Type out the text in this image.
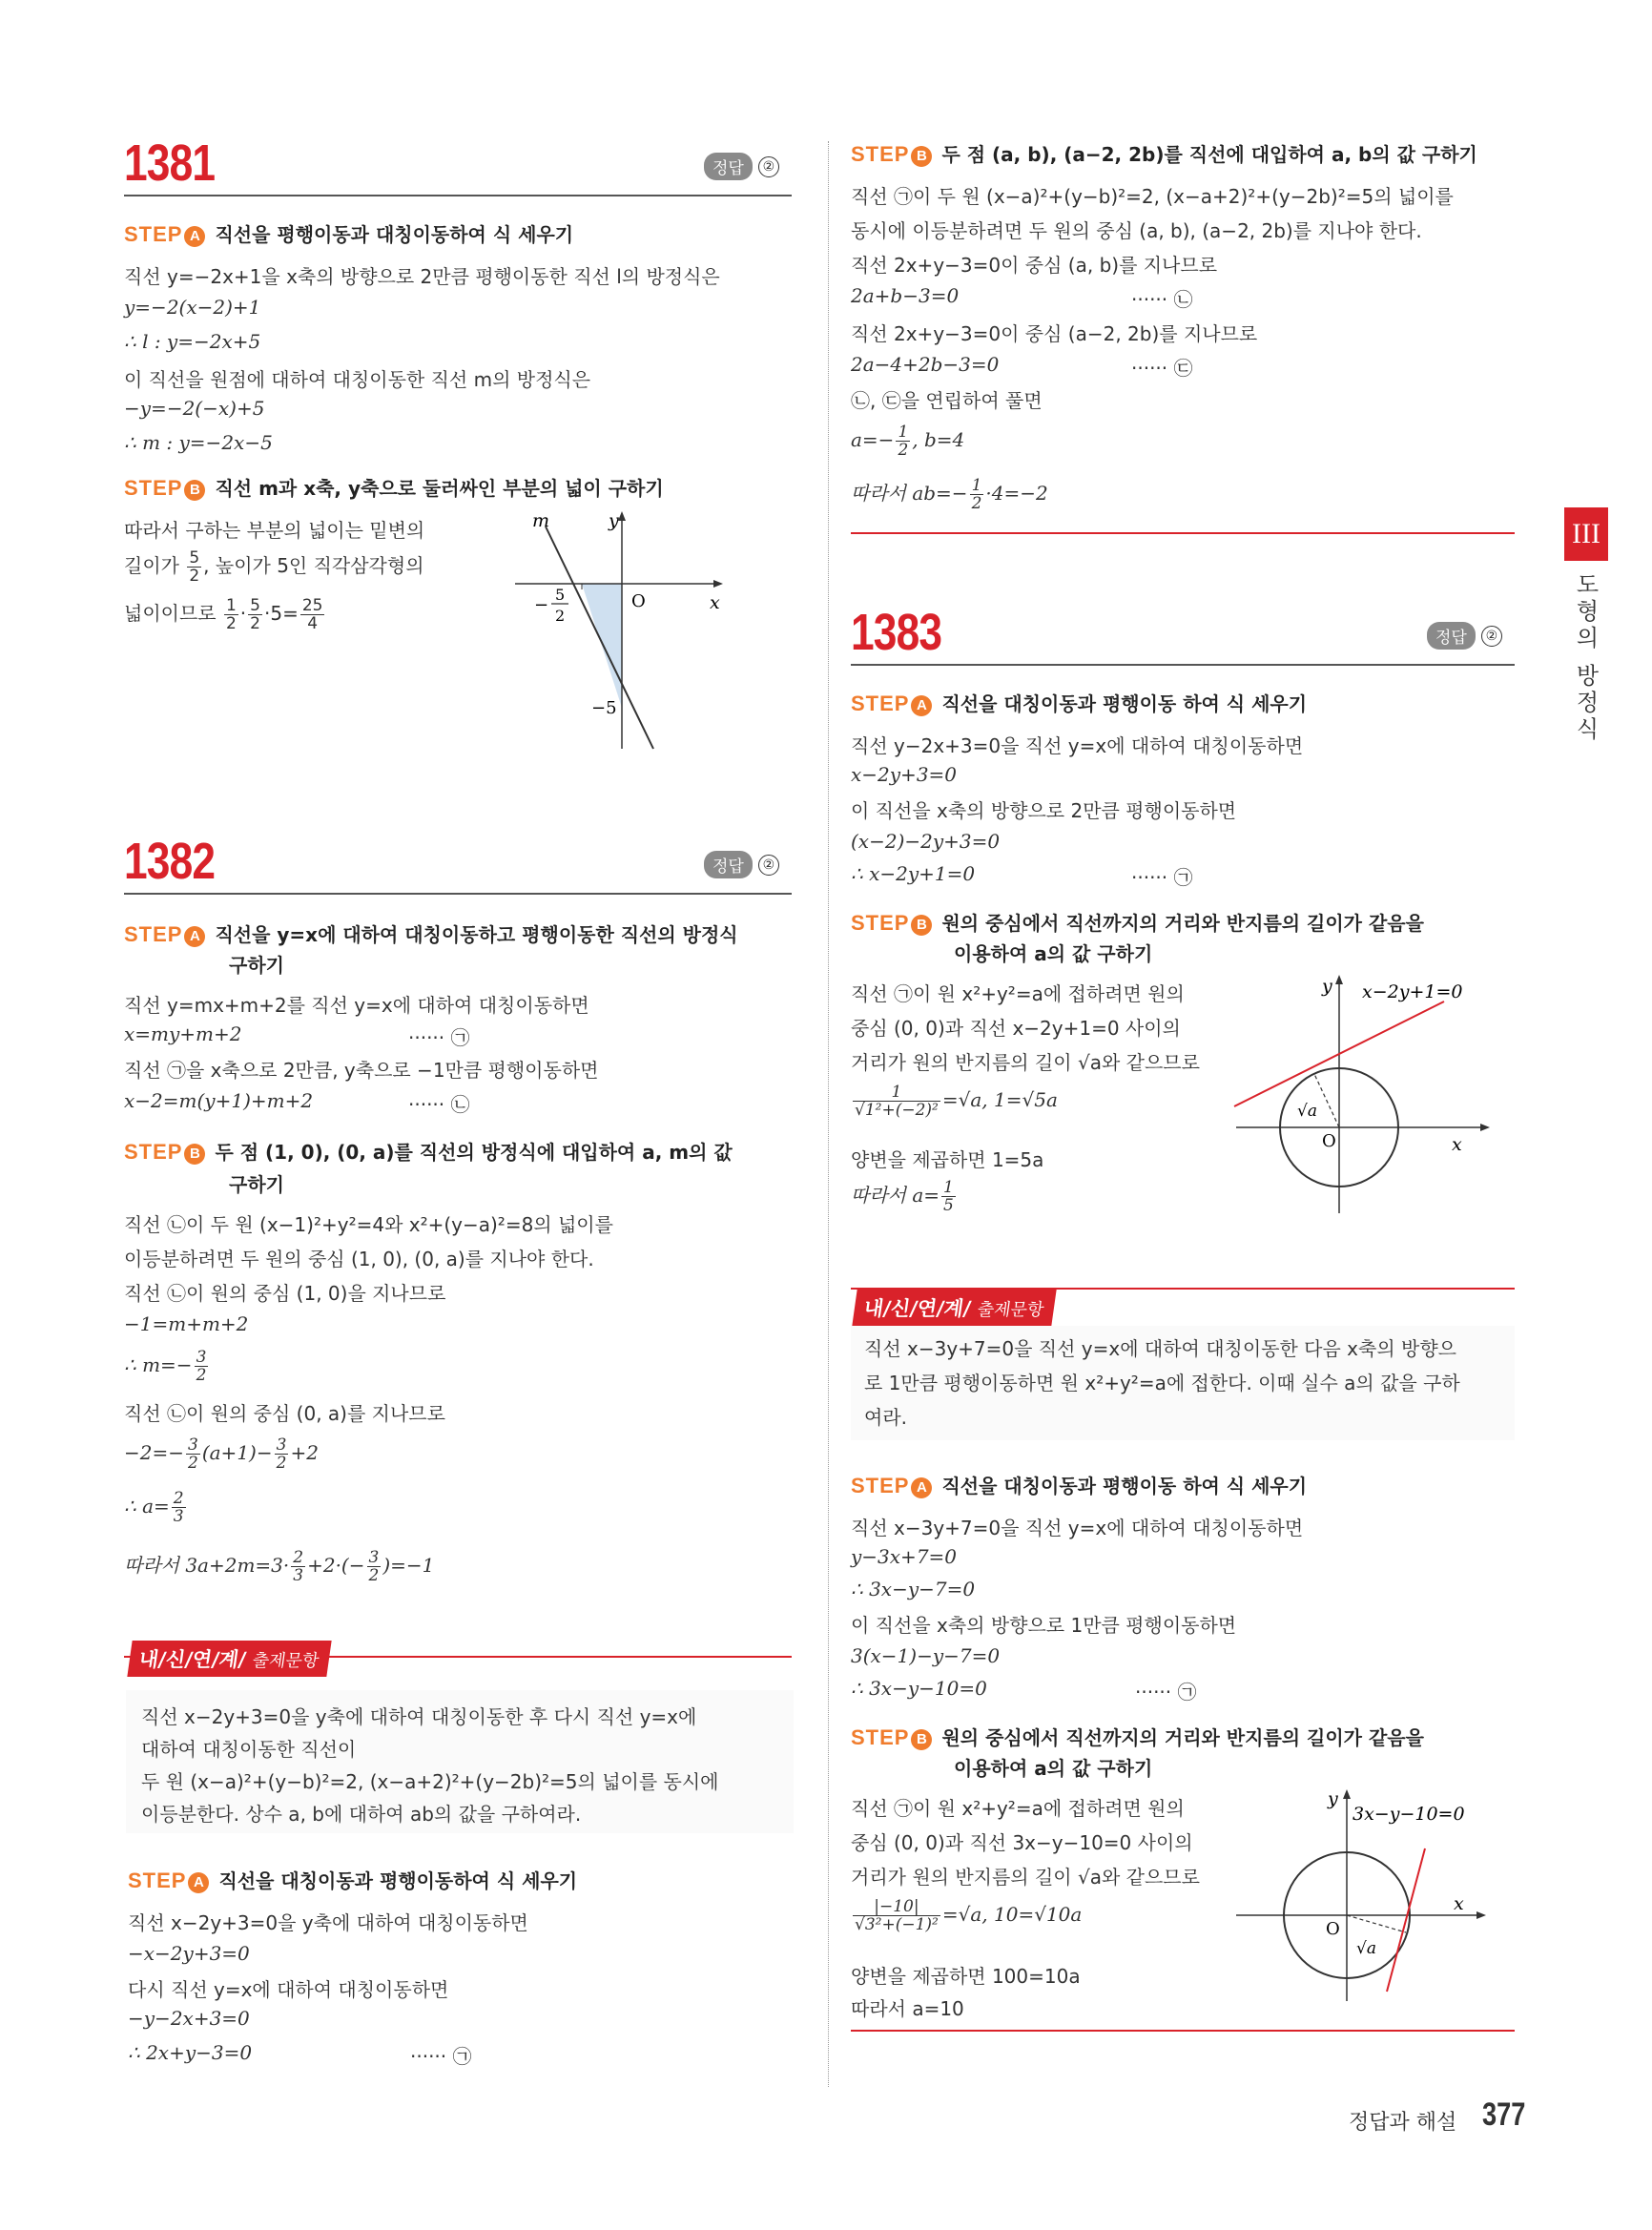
1381	정답 ②
STEP A 직선을 평행이동과 대칭이동하여 식 세우기
직선 y=−2x+1을 x축의 방향으로 2만큼 평행이동한 직선 l의 방정식은
y=−2(x−2)+1
∴ l : y=−2x+5
이 직선을 원점에 대하여 대칭이동한 직선 m의 방정식은
−y=−2(−x)+5
∴ m : y=−2x−5
STEP B 직선 m과 x축, y축으로 둘러싸인 부분의 넓이 구하기
따라서 구하는 부분의 넓이는 밑변의
길이가 $\frac{5}{2}$ , 높이가 5인 직각삼각형의
넓이이므로 $\frac{1}{2} \cdot \frac{5}{2} \cdot 5= \frac{25}{4}$
m	y
x
O
−
5
2
−5
1382	정답 ②
STEP A 직선을 y=x에 대하여 대칭이동하고 평행이동한 직선의 방정식
구하기
직선 y=mx+m+2를 직선 y=x에 대하여 대칭이동하면
x=my+m+2	······ ㉠
직선 ㉠을 x축으로 2만큼, y축으로 −1만큼 평행이동하면
x−2=m(y+1)+m+2	······ ㉡
STEP B 두 점 (1, 0), (0, a)를 직선의 방정식에 대입하여 a, m의 값
구하기
직선 ㉡이 두 원 (x−1)²+y²=4와 x²+(y−a)²=8의 넓이를
이등분하려면 두 원의 중심 (1, 0), (0, a)를 지나야 한다.
직선 ㉡이 원의 중심 (1, 0)을 지나므로
−1=m+m+2
∴ $m=- \frac{3}{2}$
직선 ㉡이 원의 중심 (0, a)를 지나므로
$-2=- \frac{3}{2} (a+1)- \frac{3}{2} +2$
∴ $a= \frac{2}{3}$
따라서 $3a+2m=3\cdot \frac{2}{3} +2\cdot(- \frac{3}{2} )=-1$
내/신/연/계/ 출제문항
직선 x−2y+3=0을 y축에 대하여 대칭이동한 후 다시 직선 y=x에
대하여 대칭이동한 직선이
두 원 (x−a)²+(y−b)²=2, (x−a+2)²+(y−2b)²=5의 넓이를 동시에
이등분한다. 상수 a, b에 대하여 ab의 값을 구하여라.
STEP A 직선을 대칭이동과 평행이동하여 식 세우기
직선 x−2y+3=0을 y축에 대하여 대칭이동하면
−x−2y+3=0
다시 직선 y=x에 대하여 대칭이동하면
−y−2x+3=0
∴ 2x+y−3=0	······ ㉠
STEP B 두 점 (a, b), (a−2, 2b)를 직선에 대입하여 a, b의 값 구하기
직선 ㉠이 두 원 (x−a)²+(y−b)²=2, (x−a+2)²+(y−2b)²=5의 넓이를
동시에 이등분하려면 두 원의 중심 (a, b), (a−2, 2b)를 지나야 한다.
직선 2x+y−3=0이 중심 (a, b)를 지나므로
2a+b−3=0	······ ㉡
직선 2x+y−3=0이 중심 (a−2, 2b)를 지나므로
2a−4+2b−3=0	······ ㉢
㉡, ㉢을 연립하여 풀면
$a=- \frac{1}{2}$ , b=4
따라서 $ab=- \frac{1}{2} \cdot 4=-2$
1383	정답 ②
STEP A 직선을 대칭이동과 평행이동 하여 식 세우기
직선 y−2x+3=0을 직선 y=x에 대하여 대칭이동하면
x−2y+3=0
이 직선을 x축의 방향으로 2만큼 평행이동하면
(x−2)−2y+3=0
∴ x−2y+1=0	······ ㉠
STEP B 원의 중심에서 직선까지의 거리와 반지름의 길이가 같음을
이용하여 a의 값 구하기
직선 ㉠이 원 x²+y²=a에 접하려면 원의
중심 (0, 0)과 직선 x−2y+1=0 사이의
거리가 원의 반지름의 길이 √a와 같으므로
$\frac{1}{\text{√1²+(−2)²}} =√a$, 1=√5a
양변을 제곱하면 1=5a
따라서 $a= \frac{1}{5}$
y x−2y+1=0
x
O
√a
내/신/연/계/ 출제문항
직선 x−3y+7=0을 직선 y=x에 대하여 대칭이동한 다음 x축의 방향으
로 1만큼 평행이동하면 원 x²+y²=a에 접한다. 이때 실수 a의 값을 구하
여라.
STEP A 직선을 대칭이동과 평행이동 하여 식 세우기
직선 x−3y+7=0을 직선 y=x에 대하여 대칭이동하면
y−3x+7=0
∴ 3x−y−7=0
이 직선을 x축의 방향으로 1만큼 평행이동하면
3(x−1)−y−7=0
∴ 3x−y−10=0	······ ㉠
STEP B 원의 중심에서 직선까지의 거리와 반지름의 길이가 같음을
이용하여 a의 값 구하기
직선 ㉠이 원 x²+y²=a에 접하려면 원의
중심 (0, 0)과 직선 3x−y−10=0 사이의
거리가 원의 반지름의 길이 √a와 같으므로
$\frac{|-10|}{\text{√3²+(−1)²}} =√a$, 10=√10a
양변을 제곱하면 100=10a
따라서 a=10
y
3x−y−10=0
x
O
√a
III
도형의 방정식
정답과 해설 377
